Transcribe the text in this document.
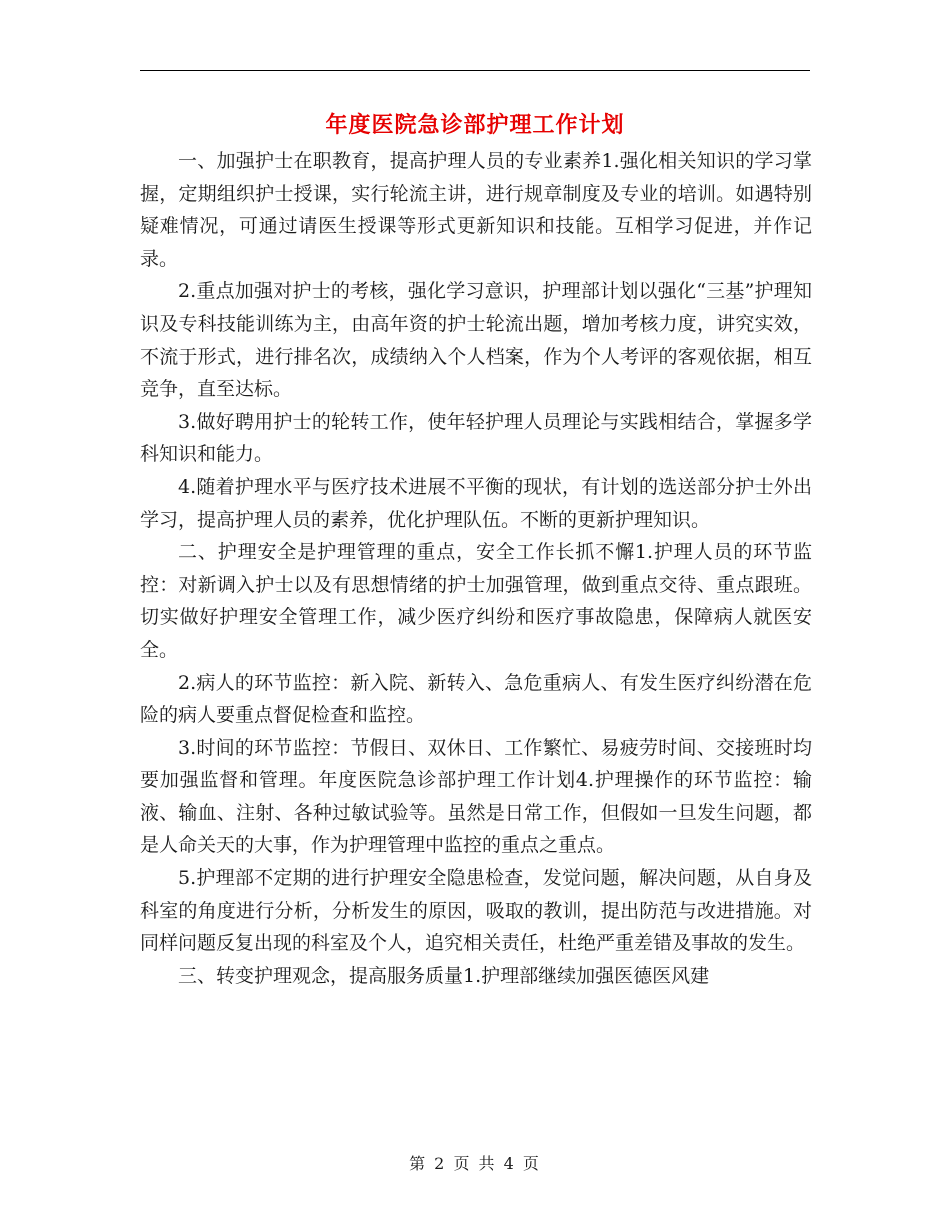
年度医院急诊部护理工作计划

一、加强护士在职教育，提高护理人员的专业素养1.强化相关知识的学习掌握，定期组织护士授课，实行轮流主讲，进行规章制度及专业的培训。如遇特别疑难情况，可通过请医生授课等形式更新知识和技能。互相学习促进，并作记录。

2.重点加强对护士的考核，强化学习意识，护理部计划以强化“三基”护理知识及专科技能训练为主，由高年资的护士轮流出题，增加考核力度，讲究实效，不流于形式，进行排名次，成绩纳入个人档案，作为个人考评的客观依据，相互竞争，直至达标。

3.做好聘用护士的轮转工作，使年轻护理人员理论与实践相结合，掌握多学科知识和能力。

4.随着护理水平与医疗技术进展不平衡的现状，有计划的选送部分护士外出学习，提高护理人员的素养，优化护理队伍。不断的更新护理知识。

二、护理安全是护理管理的重点，安全工作长抓不懈1.护理人员的环节监控：对新调入护士以及有思想情绪的护士加强管理，做到重点交待、重点跟班。切实做好护理安全管理工作，减少医疗纠纷和医疗事故隐患，保障病人就医安全。

2.病人的环节监控：新入院、新转入、急危重病人、有发生医疗纠纷潜在危险的病人要重点督促检查和监控。

3.时间的环节监控：节假日、双休日、工作繁忙、易疲劳时间、交接班时均要加强监督和管理。年度医院急诊部护理工作计划4.护理操作的环节监控：输液、输血、注射、各种过敏试验等。虽然是日常工作，但假如一旦发生问题，都是人命关天的大事，作为护理管理中监控的重点之重点。

5.护理部不定期的进行护理安全隐患检查，发觉问题，解决问题，从自身及科室的角度进行分析，分析发生的原因，吸取的教训，提出防范与改进措施。对同样问题反复出现的科室及个人，追究相关责任，杜绝严重差错及事故的发生。

三、转变护理观念，提高服务质量1.护理部继续加强医德医风建

第 2 页 共 4 页
